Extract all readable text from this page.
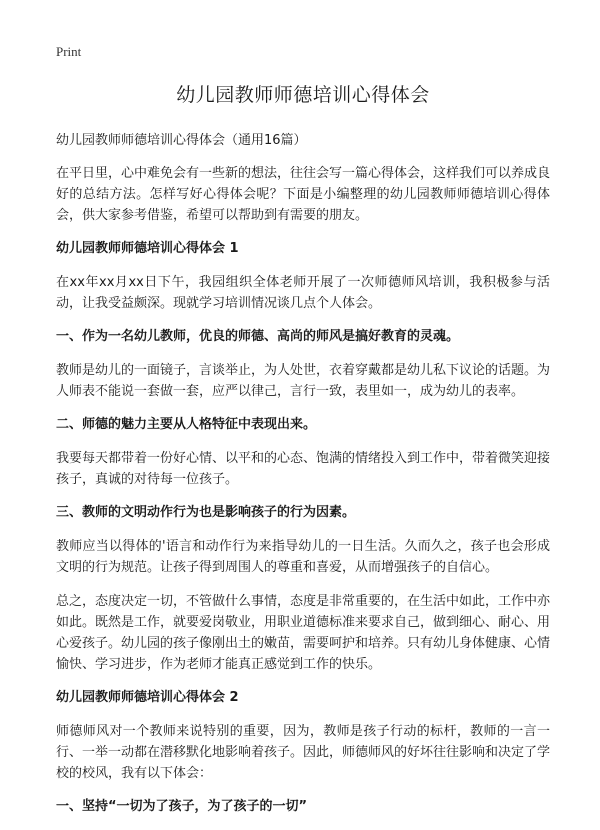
Print
幼儿园教师师德培训心得体会
幼儿园教师师德培训心得体会（通用16篇）

在平日里，心中难免会有一些新的想法，往往会写一篇心得体会，这样我们可以养成良好的总结方法。怎样写好心得体会呢？下面是小编整理的幼儿园教师师德培训心得体会，供大家参考借鉴，希望可以帮助到有需要的朋友。

幼儿园教师师德培训心得体会 1

在xx年xx月xx日下午，我园组织全体老师开展了一次师德师风培训，我积极参与活动，让我受益颇深。现就学习培训情况谈几点个人体会。

一、作为一名幼儿教师，优良的师德、高尚的师风是搞好教育的灵魂。

教师是幼儿的一面镜子，言谈举止，为人处世，衣着穿戴都是幼儿私下议论的话题。为人师表不能说一套做一套，应严以律己，言行一致，表里如一，成为幼儿的表率。

二、师德的魅力主要从人格特征中表现出来。

我要每天都带着一份好心情、以平和的心态、饱满的情绪投入到工作中，带着微笑迎接孩子，真诚的对待每一位孩子。

三、教师的文明动作行为也是影响孩子的行为因素。

教师应当以得体的'语言和动作行为来指导幼儿的一日生活。久而久之，孩子也会形成文明的行为规范。让孩子得到周围人的尊重和喜爱，从而增强孩子的自信心。

总之，态度决定一切，不管做什么事情，态度是非常重要的，在生活中如此，工作中亦如此。既然是工作，就要爱岗敬业，用职业道德标准来要求自己，做到细心、耐心、用心爱孩子。幼儿园的孩子像刚出土的嫩苗，需要呵护和培养。只有幼儿身体健康、心情愉快、学习进步，作为老师才能真正感觉到工作的快乐。

幼儿园教师师德培训心得体会 2

师德师风对一个教师来说特别的重要，因为，教师是孩子行动的标杆，教师的一言一行、一举一动都在潜移默化地影响着孩子。因此，师德师风的好坏往往影响和决定了学校的校风，我有以下体会：

一、坚持“一切为了孩子，为了孩子的一切”
